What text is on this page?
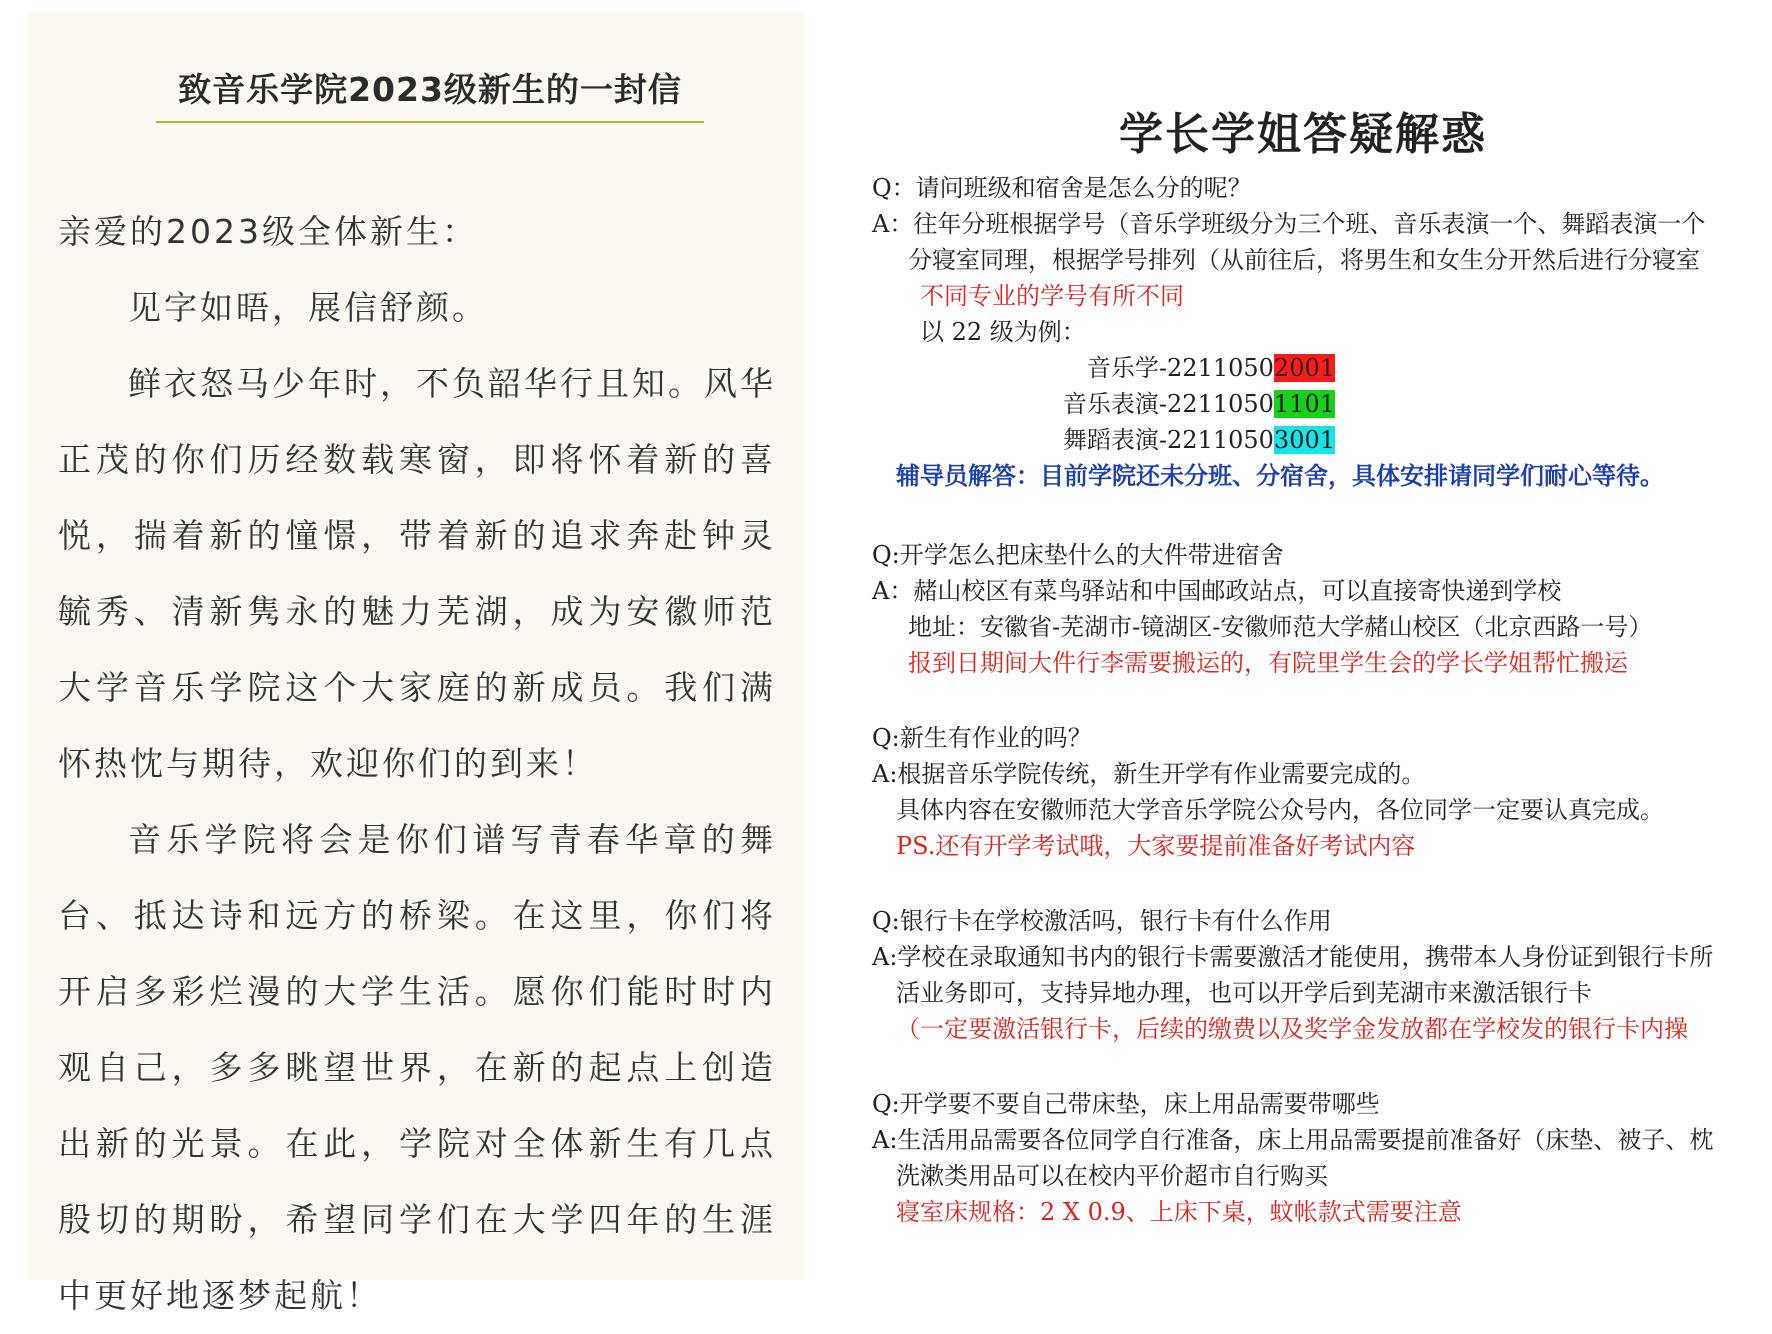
致音乐学院2023级新生的一封信

亲爱的2023级全体新生：

见字如晤，展信舒颜。

鲜衣怒马少年时，不负韶华行且知。风华正茂的你们历经数载寒窗，即将怀着新的喜悦，揣着新的憧憬，带着新的追求奔赴钟灵毓秀、清新隽永的魅力芜湖，成为安徽师范大学音乐学院这个大家庭的新成员。我们满怀热忱与期待，欢迎你们的到来！

音乐学院将会是你们谱写青春华章的舞台、抵达诗和远方的桥梁。在这里，你们将开启多彩烂漫的大学生活。愿你们能时时内观自己，多多眺望世界，在新的起点上创造出新的光景。在此，学院对全体新生有几点殷切的期盼，希望同学们在大学四年的生涯中更好地逐梦起航！

学长学姐答疑解惑
Q：请问班级和宿舍是怎么分的呢？
A：往年分班根据学号（音乐学班级分为三个班、音乐表演一个、舞蹈表演一个
分寝室同理，根据学号排列（从前往后，将男生和女生分开然后进行分寝室
不同专业的学号有所不同
以 22 级为例：
音乐学-22110502001
音乐表演-22110501101
舞蹈表演-22110503001
辅导员解答：目前学院还未分班、分宿舍，具体安排请同学们耐心等待。
Q:开学怎么把床垫什么的大件带进宿舍
A：赭山校区有菜鸟驿站和中国邮政站点，可以直接寄快递到学校
地址：安徽省-芜湖市-镜湖区-安徽师范大学赭山校区（北京西路一号）
报到日期间大件行李需要搬运的，有院里学生会的学长学姐帮忙搬运
Q:新生有作业的吗？
A:根据音乐学院传统，新生开学有作业需要完成的。
具体内容在安徽师范大学音乐学院公众号内，各位同学一定要认真完成。
PS.还有开学考试哦，大家要提前准备好考试内容
Q:银行卡在学校激活吗，银行卡有什么作用
A:学校在录取通知书内的银行卡需要激活才能使用，携带本人身份证到银行卡所
活业务即可，支持异地办理，也可以开学后到芜湖市来激活银行卡
（一定要激活银行卡，后续的缴费以及奖学金发放都在学校发的银行卡内操
Q:开学要不要自己带床垫，床上用品需要带哪些
A:生活用品需要各位同学自行准备，床上用品需要提前准备好（床垫、被子、枕
洗漱类用品可以在校内平价超市自行购买
寝室床规格：2 X 0.9、上床下桌，蚊帐款式需要注意
